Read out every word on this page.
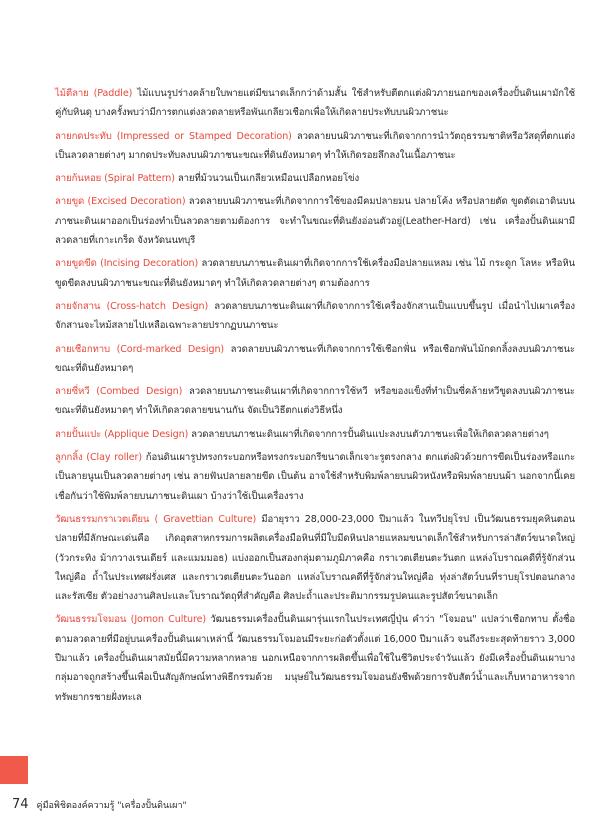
ไม้ตีลาย (Paddle) ไม้แบนรูปร่างคล้ายใบพายแต่มีขนาดเล็กกว่าด้ามสั้น ใช้สำหรับตีตกแต่งผิวภายนอกของเครื่องปั้นดินเผามักใช้คู่กับหินดุ บางครั้งพบว่ามีการตกแต่งลวดลายหรือพันเกลียวเชือกเพื่อให้เกิดลายประทับบนผิวภาชนะ

ลายกดประทับ (Impressed or Stamped Decoration) ลวดลายบนผิวภาชนะที่เกิดจากการนำวัตถุธรรมชาติหรือวัสดุที่ตกแต่งเป็นลวดลายต่างๆ มากดประทับลงบนผิวภาชนะขณะที่ดินยังหมาดๆ ทำให้เกิดรอยลึกลงในเนื้อภาชนะ

ลายก้นหอย (Spiral Pattern) ลายที่ม้วนวนเป็นเกลียวเหมือนเปลือกหอยโข่ง

ลายขูด (Excised Decoration) ลวดลายบนผิวภาชนะที่เกิดจากการใช้ของมีคมปลายมน ปลายโค้ง หรือปลายตัด ขูดตัดเอาดินบนภาชนะดินเผาออกเป็นร่องทำเป็นลวดลายตามต้องการ จะทำในขณะที่ดินยังอ่อนตัวอยู่(Leather-Hard) เช่น เครื่องปั้นดินเผามีลวดลายที่เกาะเกร็ด จังหวัดนนทบุรี

ลายขูดขีด (Incising Decoration) ลวดลายบนภาชนะดินเผาที่เกิดจากการใช้เครื่องมือปลายแหลม เช่น ไม้ กระดูก โลหะ หรือหิน ขูดขีดลงบนผิวภาชนะขณะที่ดินยังหมาดๆ ทำให้เกิดลวดลายต่างๆ ตามต้องการ

ลายจักสาน (Cross-hatch Design) ลวดลายบนภาชนะดินเผาที่เกิดจากการใช้เครื่องจักสานเป็นแบบขึ้นรูป เมื่อนำไปเผาเครื่องจักสานจะไหม้สลายไปเหลือเฉพาะลายปรากฏบนภาชนะ

ลายเชือกทาบ (Cord-marked Design) ลวดลายบนผิวภาชนะที่เกิดจากการใช้เชือกฟั่น หรือเชือกพันไม้กดกลิ้งลงบนผิวภาชนะขณะที่ดินยังหมาดๆ

ลายซี่หวี (Combed Design) ลวดลายบนภาชนะดินเผาที่เกิดจากการใช้หวี หรือของแข็งที่ทำเป็นซี่คล้ายหวีขูดลงบนผิวภาชนะขณะที่ดินยังหมาดๆ ทำให้เกิดลวดลายขนานกัน จัดเป็นวิธีตกแต่งวิธีหนึ่ง

ลายปั้นแปะ (Applique Design) ลวดลายบนภาชนะดินเผาที่เกิดจากการปั้นดินแปะลงบนตัวภาชนะเพื่อให้เกิดลวดลายต่างๆ

ลูกกลิ้ง (Clay roller) ก้อนดินเผารูปทรงกระบอกหรือทรงกระบอกรีขนาดเล็กเจาะรูตรงกลาง ตกแต่งผิวด้วยการขีดเป็นร่องหรือแกะเป็นลายนูนเป็นลวดลายต่างๆ เช่น ลายฟันปลายลายขีด เป็นต้น อาจใช้สำหรับพิมพ์ลายบนผิวหนังหรือพิมพ์ลายบนผ้า นอกจากนี้เคยเชื่อกันว่าใช้พิมพ์ลายบนภาชนะดินเผา บ้างว่าใช้เป็นเครื่องราง

วัฒนธรรมกราเวตเตียน ( Gravettian Culture) มีอายุราว 28,000-23,000 ปีมาแล้ว ในทวีปยุโรป เป็นวัฒนธรรมยุคหินตอนปลายที่มีลักษณะเด่นคือ เกิดอุตสาหกรรมการผลิตเครื่องมือหินที่มีใบมีดหินปลายแหลมขนาดเล็กใช้สำหรับการล่าสัตว์ขนาดใหญ่ (วัวกระทิง ม้ากวางเรนเดียร์ และแมมมอธ) แบ่งออกเป็นสองกลุ่มตามภูมิภาคคือ กราเวตเตียนตะวันตก แหล่งโบราณคดีที่รู้จักส่วนใหญ่คือ ถ้ำในประเทศฝรั่งเศส และกราเวตเตียนตะวันออก แหล่งโบราณคดีที่รู้จักส่วนใหญ่คือ ทุ่งล่าสัตว์บนที่ราบยุโรปตอนกลางและรัสเซีย ตัวอย่างงานศิลปะและโบราณวัตถุที่สำคัญคือ ศิลปะถ้ำและประติมากรรมรูปคนและรูปสัตว์ขนาดเล็ก

วัฒนธรรมโจมอน (Jomon Culture) วัฒนธรรมเครื่องปั้นดินเผารุ่นแรกในประเทศญี่ปุ่น คำว่า "โจมอน" แปลว่าเชือกทาบ ตั้งชื่อตามลวดลายที่มีอยู่บนเครื่องปั้นดินเผาเหล่านี้ วัฒนธรรมโจมอนมีระยะก่อตัวตั้งแต่ 16,000 ปีมาแล้ว จนถึงระยะสุดท้ายราว 3,000 ปีมาแล้ว เครื่องปั้นดินเผาสมัยนี้มีความหลากหลาย นอกเหนือจากการผลิตขึ้นเพื่อใช้ในชีวิตประจำวันแล้ว ยังมีเครื่องปั้นดินเผาบางกลุ่มอาจถูกสร้างขึ้นเพื่อเป็นสัญลักษณ์ทางพิธีกรรมด้วย มนุษย์ในวัฒนธรรมโจมอนยังชีพด้วยการจับสัตว์น้ำและเก็บหาอาหารจากทรัพยากรชายฝั่งทะเล

74 คู่มือพิชิตองค์ความรู้ "เครื่องปั้นดินเผา"
